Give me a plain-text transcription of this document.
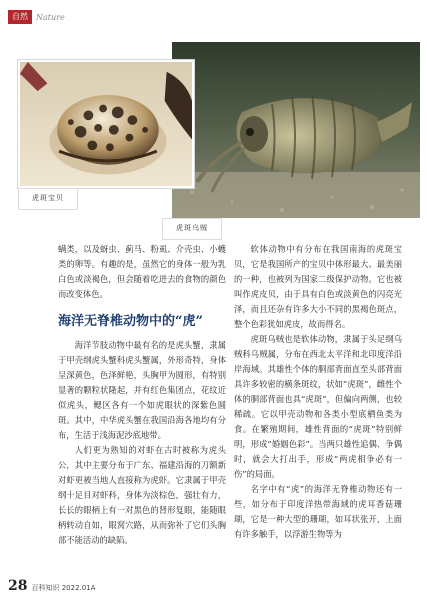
自然	Nature
虎斑宝贝
虎斑乌贼

螨类，以及蚜虫、蓟马、粉虱、介壳虫、小蠖类的卵等。有趣的是，虽然它的身体一般为乳白色或淡褐色，但会随着吃进去的食物的颜色而改变体色。

海洋无脊椎动物中的“虎”

海洋节肢动物中最有名的是虎头蟹，隶属于甲壳纲虎头蟹科虎头蟹属，外形奇特，身体呈深黄色，色泽鲜艳，头胸甲为圆形，有特别显著的颗粒状隆起，并有红色集团点，花纹近似虎头，鳃区各有一个如虎眼状的深紫色圆斑。其中，中华虎头蟹在我国沿海各地均有分布，生活于浅海泥沙底地带。

人们更为熟知的对虾在古时被称为虎头公，其中主要分布于广东、福建沿海的刀额新对虾更被当地人直接称为虎虾。它隶属于甲壳纲十足目对虾科，身体为淡棕色，强壮有力，长长的眼柄上有一对黑色的肾形复眼，能随眼柄转动自如，眼窝穴路，从而弥补了它们头胸部不能活动的缺陷。

软体动物中有分布在我国南海的虎斑宝贝，它是我国所产的宝贝中体形最大、最美丽的一种，也被列为国家二级保护动物。它也被叫作虎皮贝，由于具有白色或淡黄色的闪亮光泽，而且还杂有许多大小不同的黑褐色斑点，整个色彩犹如虎皮，故而得名。

虎斑乌贼也是软体动物，隶属于头足纲乌贼科乌贼属，分布在西北太平洋和北印度洋沿岸海域。其雄性个体的胴部背面直至头部背面具许多较密的横条斑纹，状如“虎斑”，雌性个体的胴部背面也具“虎斑”，但偏向两侧，也较稀疏。它以甲壳动物和各类小型底栖鱼类为食。在繁殖期间，雄性背面的“虎斑”特别鲜明，形成“婚姻色彩”。当两只雄性追偶、争偶时，就会大打出手，形成“两虎相争必有一伤”的局面。

名字中有“虎”的海洋无脊椎动物还有一些，如分布于印度洋热带海域的虎耳香菇珊瑚，它是一种大型的珊瑚，如耳状张开，上面有许多触手，以浮游生物等为

28 百科知识 2022.01A
